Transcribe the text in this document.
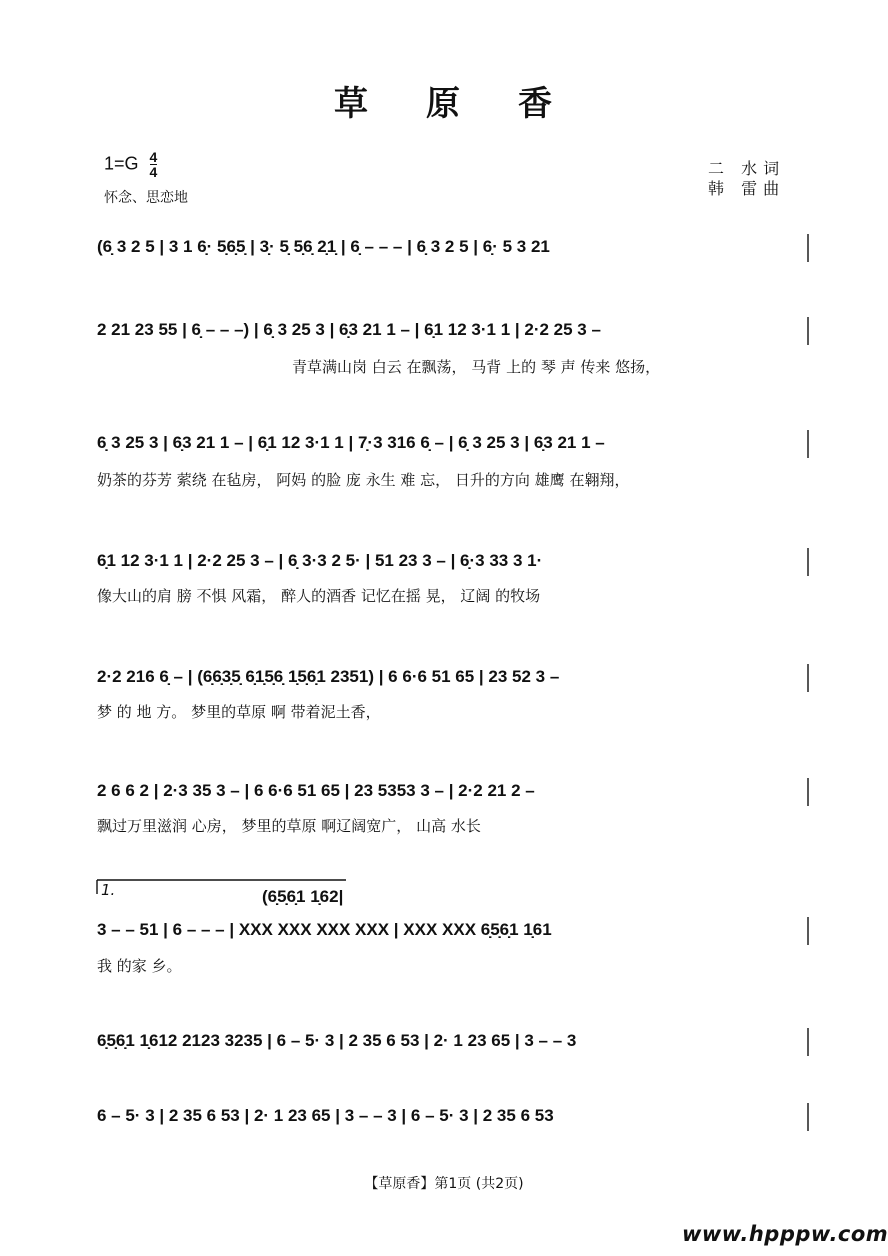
草 原 香
$1=G \frac{4}{4}$
怀念、思恋地
二 水词
韩 雷曲
(6̣ 3 2 5 | 3 1 6̣· 5̣6̣5̣ | 3̣· 5̣ 5̣6̣ 2̣1̣ | 6̣ – – – | 6̣ 3 2 5 | 6̣· 5 3 21
2 21 23 55 | 6̣ – – –) | 6̣ 3 25 3 | 6̣3 21 1 – | 6̣1 12 3·1 1 | 2·2 25 3 –
青草满山岗 白云 在飘荡， 马背 上的 琴 声 传来 悠扬，
6̣ 3 25 3 | 6̣3 21 1 – | 6̣1 12 3·1 1 | 7̣·3 316 6̣ – | 6̣ 3 25 3 | 6̣3 21 1 –
奶茶的芬芳 萦绕 在毡房， 阿妈 的脸 庞 永生 难 忘， 日升的方向 雄鹰 在翱翔，
6̣1 12 3·1 1 | 2·2 25 3 – | 6̣ 3·3 2 5· | 51 23 3 – | 6̣·3 33 3 1·
像大山的肩 膀 不惧 风霜， 醉人的酒香 记忆在摇 晃， 辽阔 的牧场
2·2 216 6̣ – | (6̣6̣3̣5̣ 6̣1̣5̣6̣ 1̣5̣6̣1 2351) | 6 6·6 51 65 | 23 52 3 –
梦 的 地 方。 梦里的草原 啊 带着泥土香，
2 6 6 2 | 2·3 35 3 – | 6 6·6 51 65 | 23 5353 3 – | 2·2 21 2 –
飘过万里滋润 心房， 梦里的草原 啊辽阔宽广， 山高 水长
1.	(6̣5̣6̣1 1̣62|
3 – – 51 | 6 – – – | XXX XXX XXX XXX | XXX XXX 6̣5̣6̣1 1̣61
我 的家 乡。
6̣5̣6̣1 1̣612 2123 3235 | 6 – 5· 3 | 2 35 6 53 | 2· 1 23 65 | 3 – – 3
6 – 5· 3 | 2 35 6 53 | 2· 1 23 65 | 3 – – 3 | 6 – 5· 3 | 2 35 6 53
【草原香】第1页 (共2页)
www.hpppw.com
